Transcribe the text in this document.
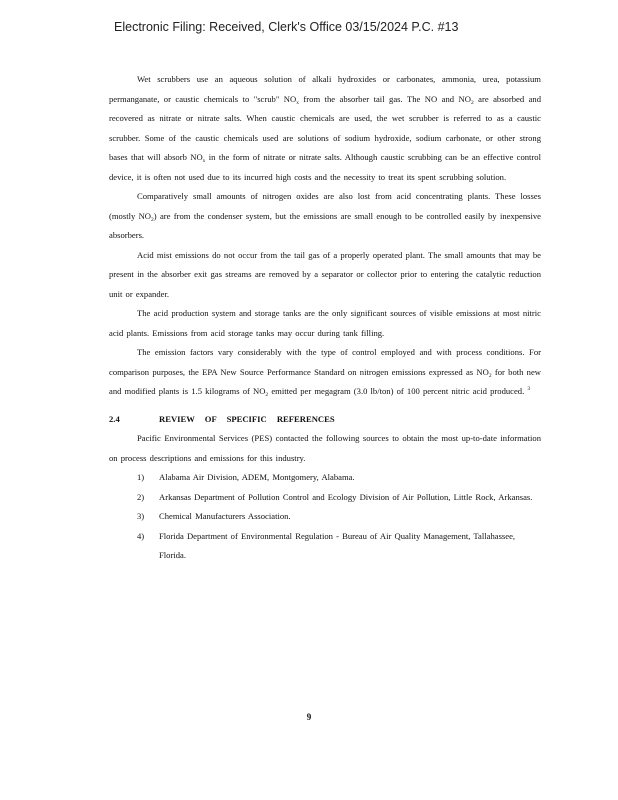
Electronic Filing: Received, Clerk's Office 03/15/2024 P.C. #13

Wet scrubbers use an aqueous solution of alkali hydroxides or carbonates, ammonia, urea, potassium permanganate, or caustic chemicals to "scrub" $NO_x$ from the absorber tail gas. The NO and $NO_2$ are absorbed and recovered as nitrate or nitrate salts. When caustic chemicals are used, the wet scrubber is referred to as a caustic scrubber. Some of the caustic chemicals used are solutions of sodium hydroxide, sodium carbonate, or other strong bases that will absorb $NO_x$ in the form of nitrate or nitrate salts. Although caustic scrubbing can be an effective control device, it is often not used due to its incurred high costs and the necessity to treat its spent scrubbing solution.

Comparatively small amounts of nitrogen oxides are also lost from acid concentrating plants. These losses (mostly $NO_2$) are from the condenser system, but the emissions are small enough to be controlled easily by inexpensive absorbers.

Acid mist emissions do not occur from the tail gas of a properly operated plant. The small amounts that may be present in the absorber exit gas streams are removed by a separator or collector prior to entering the catalytic reduction unit or expander.

The acid production system and storage tanks are the only significant sources of visible emissions at most nitric acid plants. Emissions from acid storage tanks may occur during tank filling.

The emission factors vary considerably with the type of control employed and with process conditions. For comparison purposes, the EPA New Source Performance Standard on nitrogen emissions expressed as $NO_2$ for both new and modified plants is 1.5 kilograms of $NO_2$ emitted per megagram (3.0 lb/ton) of 100 percent nitric acid produced. $^3$

2.4	REVIEW OF SPECIFIC REFERENCES

Pacific Environmental Services (PES) contacted the following sources to obtain the most up-to-date information on process descriptions and emissions for this industry.

1)	Alabama Air Division, ADEM, Montgomery, Alabama.
2)	Arkansas Department of Pollution Control and Ecology Division of Air Pollution, Little Rock, Arkansas.
3)	Chemical Manufacturers Association.
4)	Florida Department of Environmental Regulation - Bureau of Air Quality Management, Tallahassee, Florida.
9
